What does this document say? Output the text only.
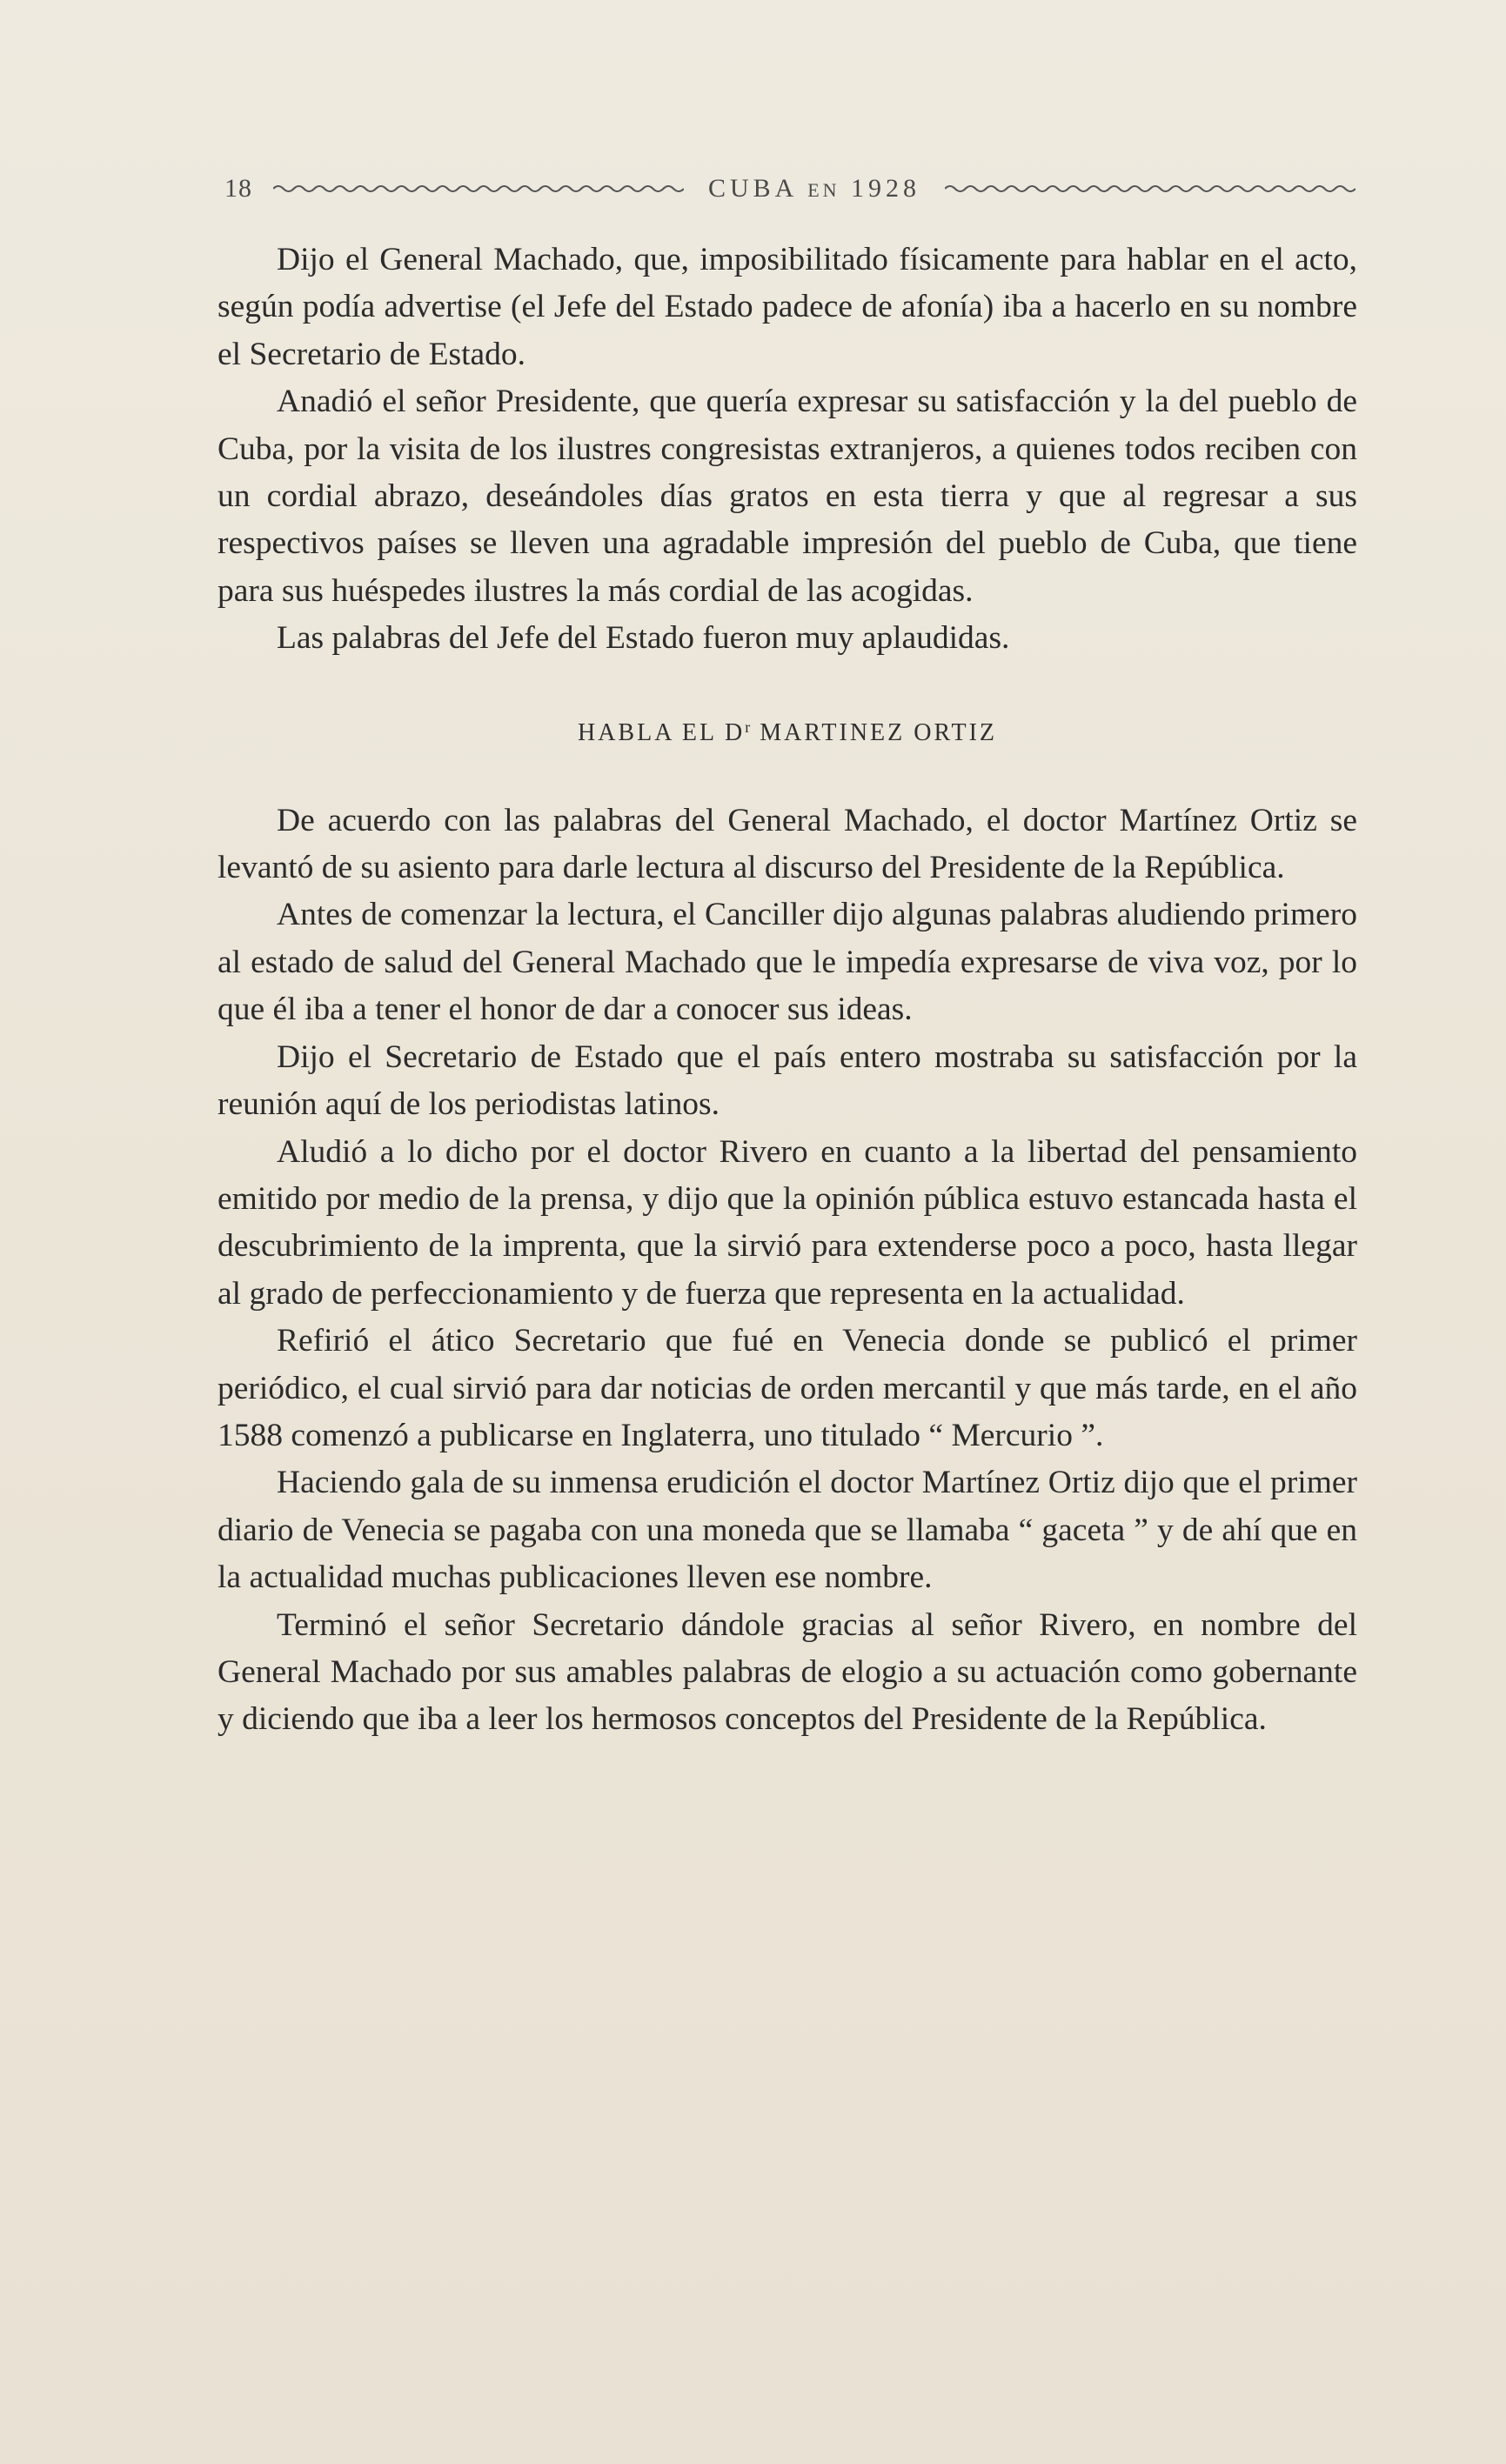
18	CUBA EN 1928

Dijo el General Machado, que, imposibilitado físicamente para hablar en el acto, según podía advertise (el Jefe del Estado padece de afonía) iba a hacerlo en su nombre el Secretario de Estado.

Anadió el señor Presidente, que quería expresar su satisfacción y la del pueblo de Cuba, por la visita de los ilustres congresistas extranjeros, a quienes todos reciben con un cordial abrazo, deseándoles días gratos en esta tierra y que al regresar a sus respectivos países se lleven una agradable impresión del pueblo de Cuba, que tiene para sus huéspedes ilustres la más cordial de las acogidas.

Las palabras del Jefe del Estado fueron muy aplaudidas.

HABLA EL $D^r$ MARTINEZ ORTIZ

De acuerdo con las palabras del General Machado, el doctor Martínez Ortiz se levantó de su asiento para darle lectura al discurso del Presidente de la República.

Antes de comenzar la lectura, el Canciller dijo algunas palabras aludiendo primero al estado de salud del General Machado que le impedía expresarse de viva voz, por lo que él iba a tener el honor de dar a conocer sus ideas.

Dijo el Secretario de Estado que el país entero mostraba su satisfacción por la reunión aquí de los periodistas latinos.

Aludió a lo dicho por el doctor Rivero en cuanto a la libertad del pensamiento emitido por medio de la prensa, y dijo que la opinión pública estuvo estancada hasta el descubrimiento de la imprenta, que la sirvió para extenderse poco a poco, hasta llegar al grado de perfeccionamiento y de fuerza que representa en la actualidad.

Refirió el ático Secretario que fué en Venecia donde se publicó el primer periódico, el cual sirvió para dar noticias de orden mercantil y que más tarde, en el año 1588 comenzó a publicarse en Inglaterra, uno titulado “ Mercurio ”.

Haciendo gala de su inmensa erudición el doctor Martínez Ortiz dijo que el primer diario de Venecia se pagaba con una moneda que se llamaba “ gaceta ” y de ahí que en la actualidad muchas publicaciones lleven ese nombre.

Terminó el señor Secretario dándole gracias al señor Rivero, en nombre del General Machado por sus amables palabras de elogio a su actuación como gobernante y diciendo que iba a leer los hermosos conceptos del Presidente de la República.
